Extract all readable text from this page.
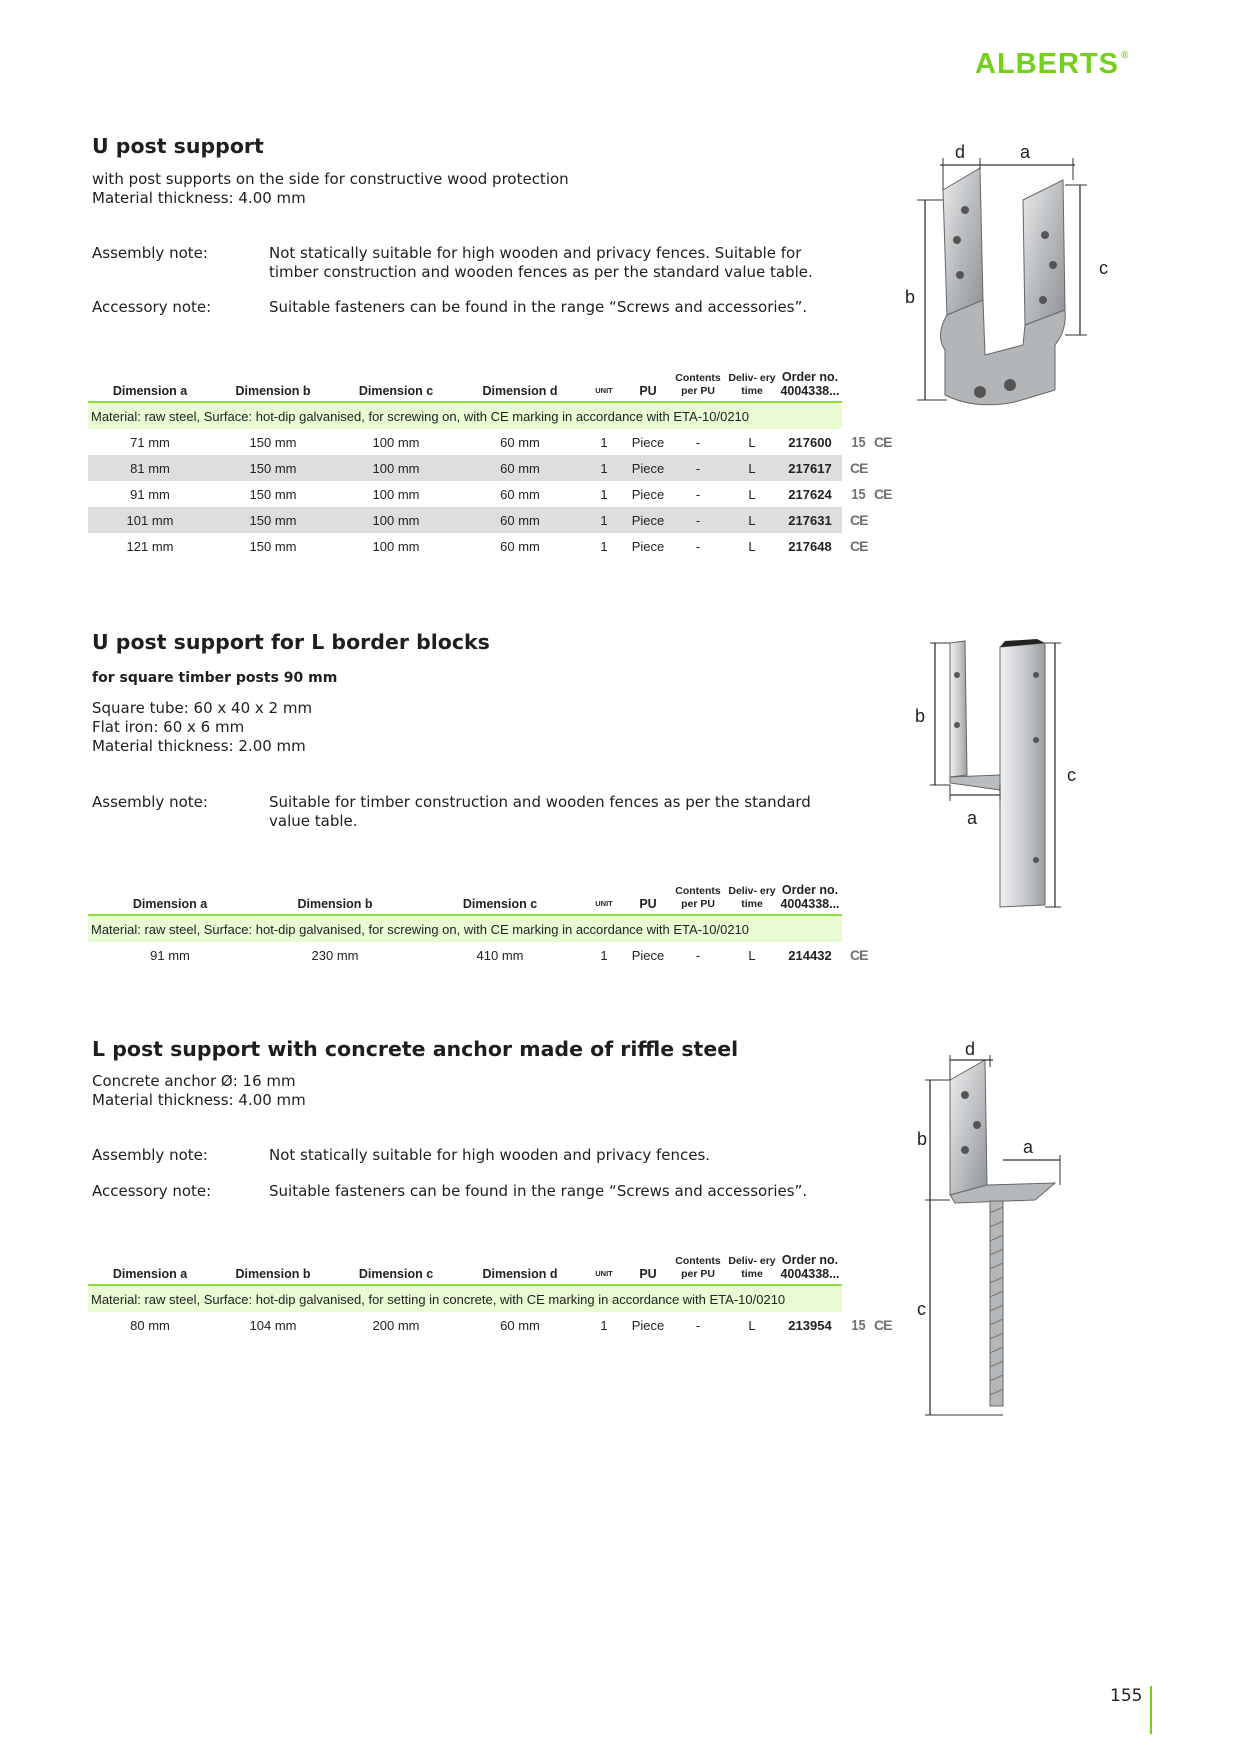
ALBERTS ®
U post support

with post supports on the side for constructive wood protection

Material thickness: 4.00 mm

Assembly note:	Not statically suitable for high wooden and privacy fences. Suitable for timber construction and wooden fences as per the standard value table.
Accessory note:	Suitable fasteners can be found in the range “Screws and accessories”.
Dimension a	Dimension b	Dimension c	Dimension d	UNIT	PU	Contents per PU	Deliv- ery time	Order no. 4004338...	
Material: raw steel, Surface: hot-dip galvanised, for screwing on, with CE marking in accordance with ETA-10/0210									
71 mm	150 mm	100 mm	60 mm	1	Piece	-	L	217600	15 CE
81 mm	150 mm	100 mm	60 mm	1	Piece	-	L	217617	CE
91 mm	150 mm	100 mm	60 mm	1	Piece	-	L	217624	15 CE
101 mm	150 mm	100 mm	60 mm	1	Piece	-	L	217631	CE
121 mm	150 mm	100 mm	60 mm	1	Piece	-	L	217648	CE
d	a
c
b
U post support for L border blocks

for square timber posts 90 mm

Square tube: 60 x 40 x 2 mm

Flat iron: 60 x 6 mm

Material thickness: 2.00 mm

Assembly note:	Suitable for timber construction and wooden fences as per the standard value table.
Dimension a	Dimension b	Dimension c	UNIT	PU	Contents per PU	Deliv- ery time	Order no. 4004338...	
Material: raw steel, Surface: hot-dip galvanised, for screwing on, with CE marking in accordance with ETA-10/0210								
91 mm	230 mm	410 mm	1	Piece	-	L	214432	CE
b
c
a
L post support with concrete anchor made of riffle steel

Concrete anchor Ø: 16 mm

Material thickness: 4.00 mm

Assembly note:	Not statically suitable for high wooden and privacy fences.
Accessory note:	Suitable fasteners can be found in the range “Screws and accessories”.
Dimension a	Dimension b	Dimension c	Dimension d	UNIT	PU	Contents per PU	Deliv- ery time	Order no. 4004338...	
Material: raw steel, Surface: hot-dip galvanised, for setting in concrete, with CE marking in accordance with ETA-10/0210									
80 mm	104 mm	200 mm	60 mm	1	Piece	-	L	213954	15 CE
d
b	a
c
155
